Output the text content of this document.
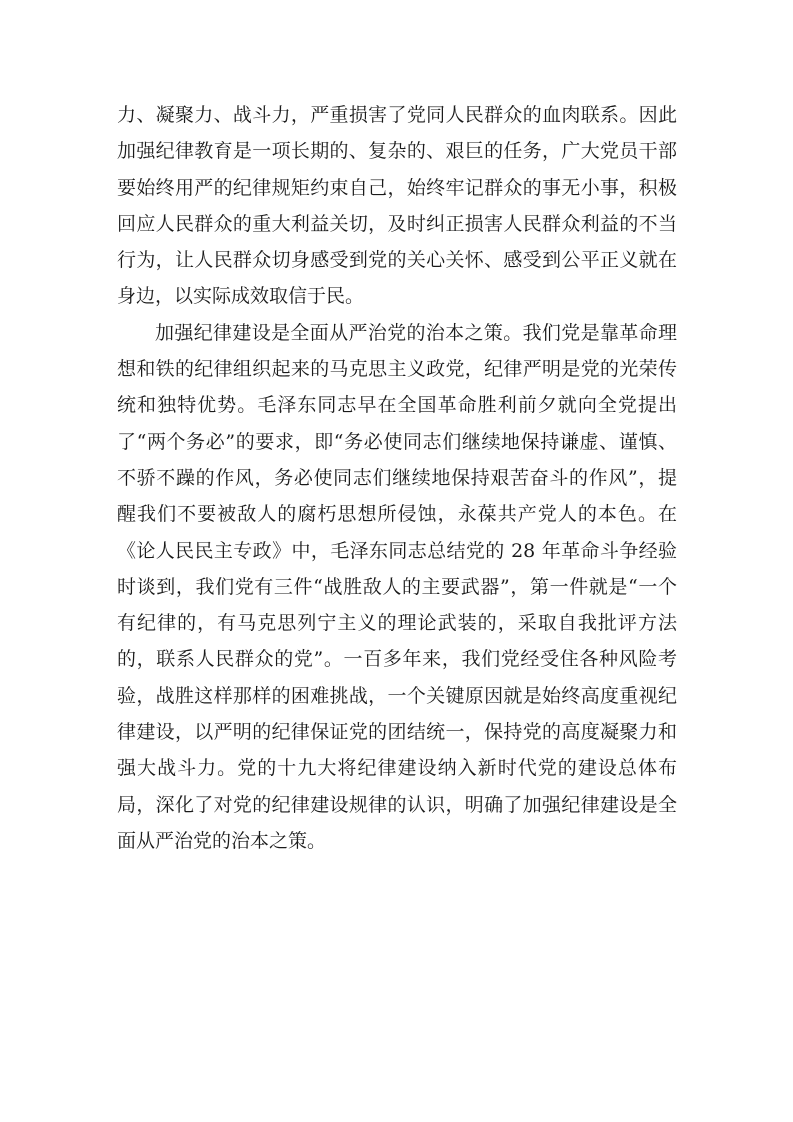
力、凝聚力、战斗力，严重损害了党同人民群众的血肉联系。因此加强纪律教育是一项长期的、复杂的、艰巨的任务，广大党员干部要始终用严的纪律规矩约束自己，始终牢记群众的事无小事，积极回应人民群众的重大利益关切，及时纠正损害人民群众利益的不当行为，让人民群众切身感受到党的关心关怀、感受到公平正义就在身边，以实际成效取信于民。

加强纪律建设是全面从严治党的治本之策。我们党是靠革命理想和铁的纪律组织起来的马克思主义政党，纪律严明是党的光荣传统和独特优势。毛泽东同志早在全国革命胜利前夕就向全党提出了“两个务必”的要求，即“务必使同志们继续地保持谦虚、谨慎、不骄不躁的作风，务必使同志们继续地保持艰苦奋斗的作风”，提醒我们不要被敌人的腐朽思想所侵蚀，永葆共产党人的本色。在《论人民民主专政》中，毛泽东同志总结党的 28 年革命斗争经验时谈到，我们党有三件“战胜敌人的主要武器”，第一件就是“一个有纪律的，有马克思列宁主义的理论武装的，采取自我批评方法的，联系人民群众的党”。一百多年来，我们党经受住各种风险考验，战胜这样那样的困难挑战，一个关键原因就是始终高度重视纪律建设，以严明的纪律保证党的团结统一，保持党的高度凝聚力和强大战斗力。党的十九大将纪律建设纳入新时代党的建设总体布局，深化了对党的纪律建设规律的认识，明确了加强纪律建设是全面从严治党的治本之策。
